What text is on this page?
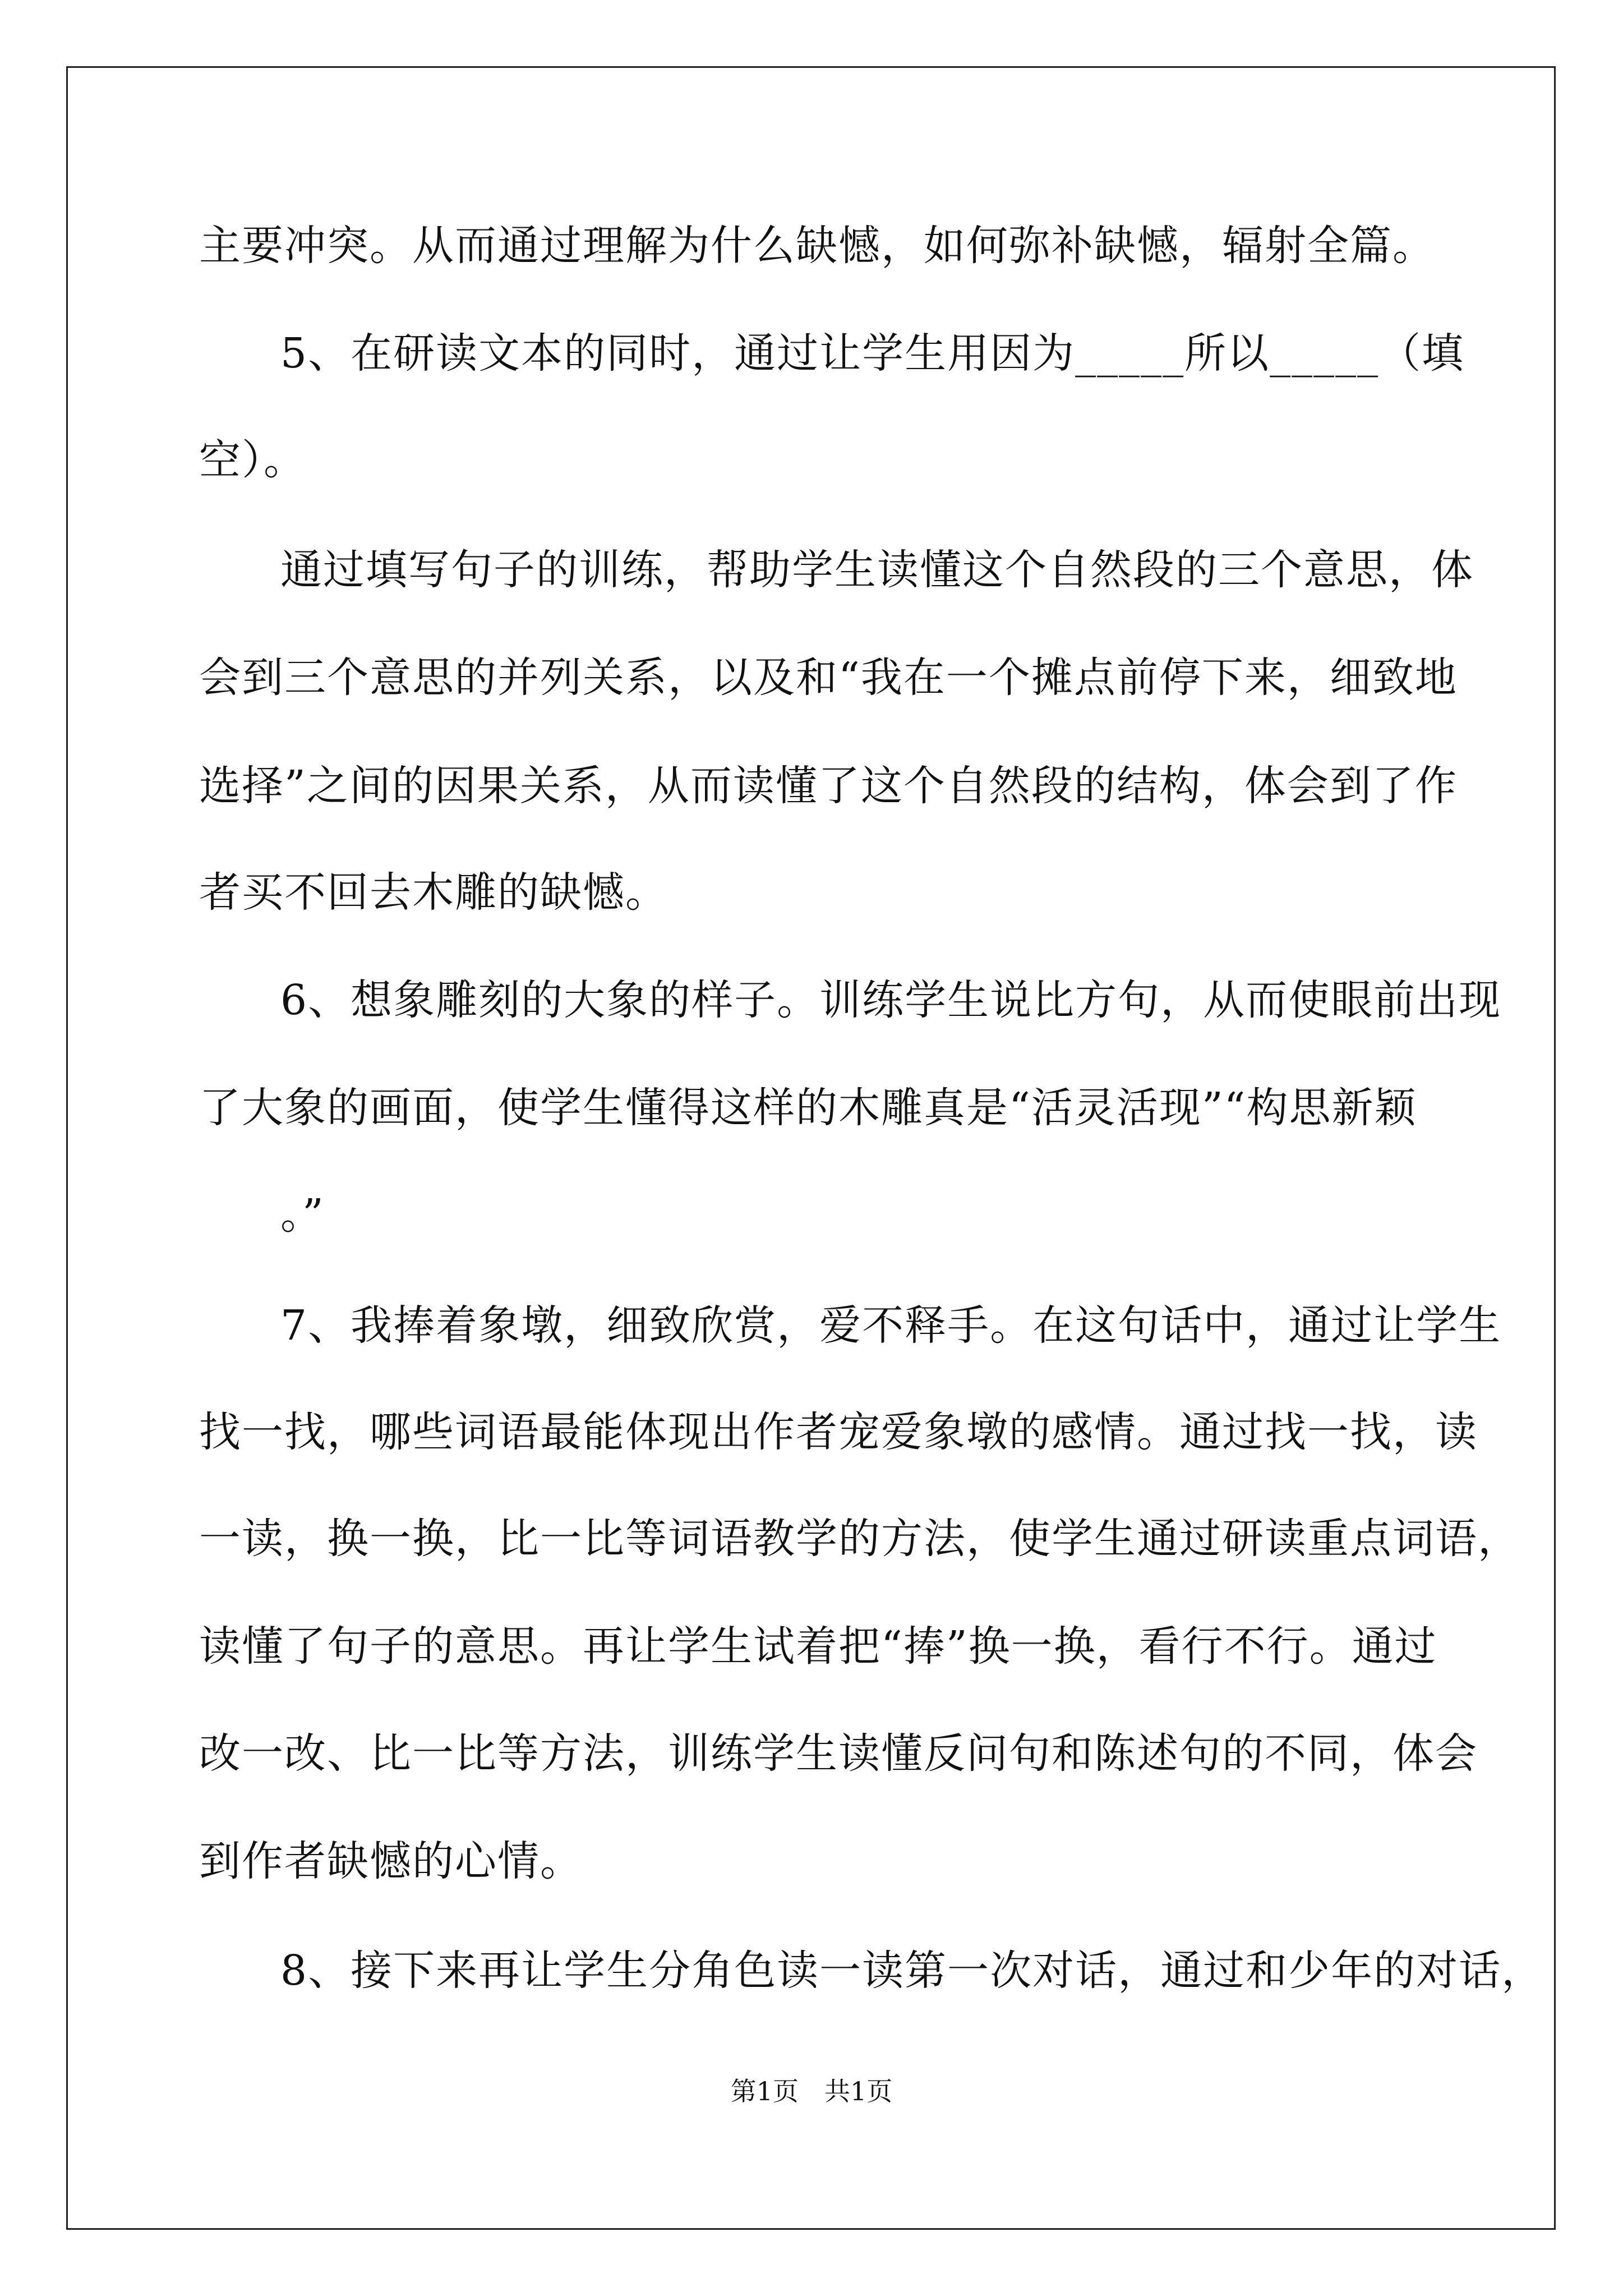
主要冲突。从而通过理解为什么缺憾，如何弥补缺憾，辐射全篇。
5、在研读文本的同时，通过让学生用因为_____所以_____（填
空）。
通过填写句子的训练，帮助学生读懂这个自然段的三个意思，体
会到三个意思的并列关系，以及和“我在一个摊点前停下来，细致地
选择”之间的因果关系，从而读懂了这个自然段的结构，体会到了作
者买不回去木雕的缺憾。
6、想象雕刻的大象的样子。训练学生说比方句，从而使眼前出现
了大象的画面，使学生懂得这样的木雕真是“活灵活现”“构思新颖
。”
7、我捧着象墩，细致欣赏，爱不释手。在这句话中，通过让学生
找一找，哪些词语最能体现出作者宠爱象墩的感情。通过找一找，读
一读，换一换，比一比等词语教学的方法，使学生通过研读重点词语，
读懂了句子的意思。再让学生试着把“捧”换一换，看行不行。通过
改一改、比一比等方法，训练学生读懂反问句和陈述句的不同，体会
到作者缺憾的心情。
8、接下来再让学生分角色读一读第一次对话，通过和少年的对话，
第1页　共1页
